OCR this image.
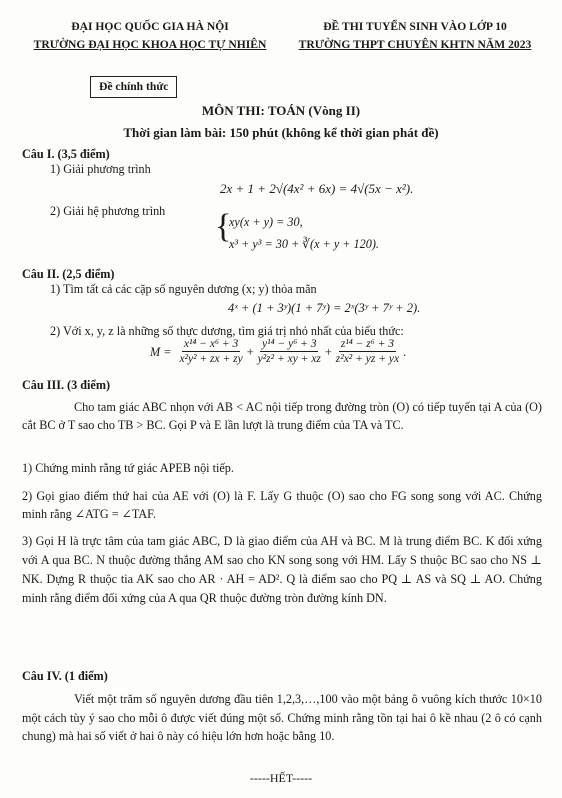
ĐẠI HỌC QUỐC GIA HÀ NỘI
TRƯỜNG ĐẠI HỌC KHOA HỌC TỰ NHIÊN
ĐỀ THI TUYỂN SINH VÀO LỚP 10
TRƯỜNG THPT CHUYÊN KHTN NĂM 2023
Đề chính thức
MÔN THI: TOÁN (Vòng II)
Thời gian làm bài: 150 phút (không kể thời gian phát đề)
Câu I. (3,5 điểm)
1) Giải phương trình
2x + 1 + 2√(4x² + 6x) = 4√(5x − x²).
2) Giải hệ phương trình {
xy(x + y) = 30,
x³ + y³ = 30 + ∛(x + y + 120).
Câu II. (2,5 điểm)
1) Tìm tất cả các cặp số nguyên dương (x; y) thỏa mãn
4ˣ + (1 + 3ʸ)(1 + 7ʸ) = 2ˣ(3ʸ + 7ʸ + 2).
2) Với x, y, z là những số thực dương, tìm giá trị nhỏ nhất của biểu thức:
$M = \frac{\text{x¹⁴ − x⁶ + 3}}{\text{x²y² + zx + zy}} + \frac{\text{y¹⁴ − y⁶ + 3}}{\text{y²z² + xy + xz}} + \frac{\text{z¹⁴ − z⁶ + 3}}{\text{z²x² + yz + yx}}$ .
Câu III. (3 điểm)
Cho tam giác ABC nhọn với AB < AC nội tiếp trong đường tròn (O) có tiếp tuyến tại A của (O) cắt BC ở T sao cho TB > BC. Gọi P và E lần lượt là trung điểm của TA và TC.
1) Chứng minh rằng tứ giác APEB nội tiếp.
2) Gọi giao điểm thứ hai của AE với (O) là F. Lấy G thuộc (O) sao cho FG song song với AC. Chứng minh rằng ∠ATG = ∠TAF.
3) Gọi H là trực tâm của tam giác ABC, D là giao điểm của AH và BC. M là trung điểm BC. K đối xứng với A qua BC. N thuộc đường thẳng AM sao cho KN song song với HM. Lấy S thuộc BC sao cho NS ⊥ NK. Dựng R thuộc tia AK sao cho AR · AH = AD². Q là điểm sao cho PQ ⊥ AS và SQ ⊥ AO. Chứng minh rằng điểm đối xứng của A qua QR thuộc đường tròn đường kính DN.
Câu IV. (1 điểm)
Viết một trăm số nguyên dương đầu tiên 1,2,3,…,100 vào một bảng ô vuông kích thước 10×10 một cách tùy ý sao cho mỗi ô được viết đúng một số. Chứng minh rằng tồn tại hai ô kề nhau (2 ô có cạnh chung) mà hai số viết ở hai ô này có hiệu lớn hơn hoặc bằng 10.
-----HẾT-----
